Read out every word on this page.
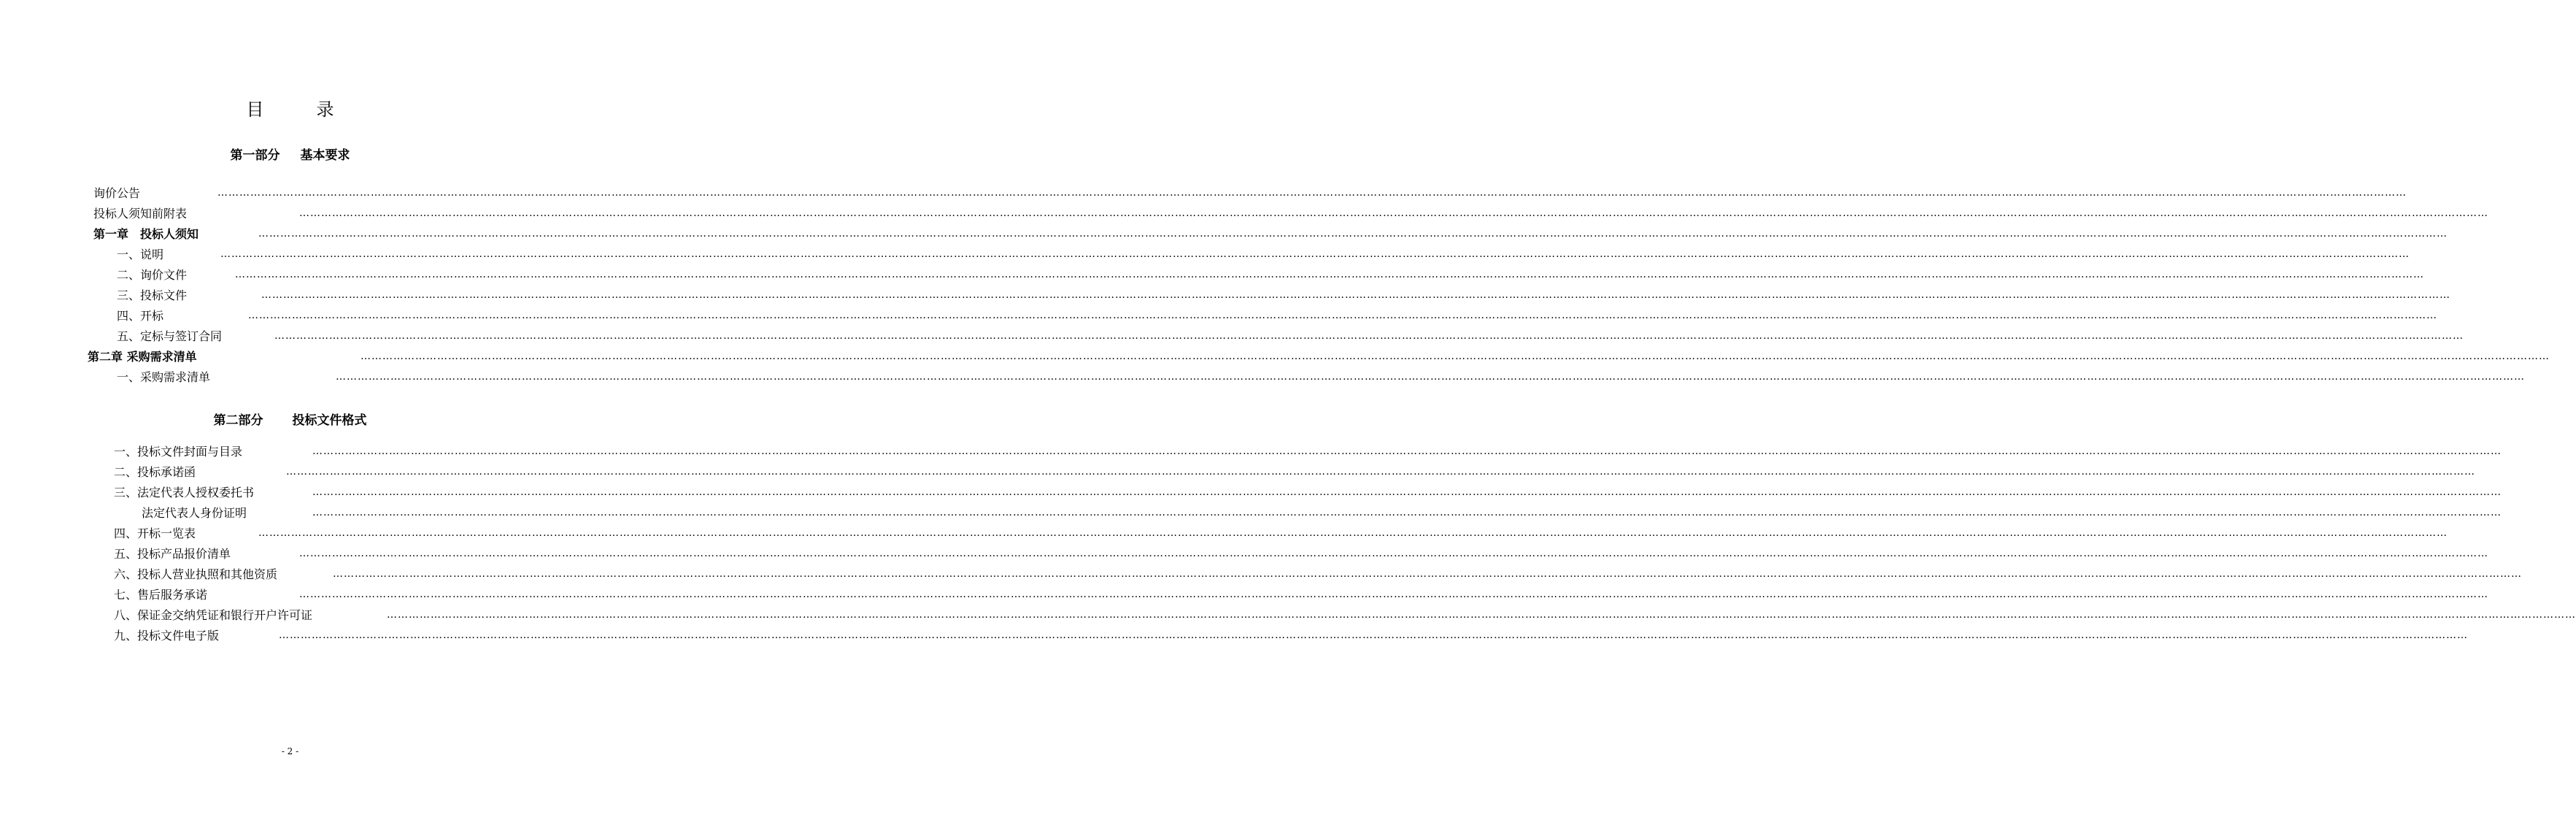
目	录
第一部分 基本要求
询价公告	……………………………………………………………………………………………………………………………………………………………………………………………………………………………………………………………………………………………………………………………………………………………………………………………………………………………………………………………………………………………………………………………………………………
投标人须知前附表	……………………………………………………………………………………………………………………………………………………………………………………………………………………………………………………………………………………………………………………………………………………………………………………………………………………………………………………………………………………………………………………………………………………
第一章　投标人须知	……………………………………………………………………………………………………………………………………………………………………………………………………………………………………………………………………………………………………………………………………………………………………………………………………………………………………………………………………………………………………………………………………………………
一、说明	……………………………………………………………………………………………………………………………………………………………………………………………………………………………………………………………………………………………………………………………………………………………………………………………………………………………………………………………………………………………………………………………………………………
二、询价文件	……………………………………………………………………………………………………………………………………………………………………………………………………………………………………………………………………………………………………………………………………………………………………………………………………………………………………………………………………………………………………………………………………………………
三、投标文件	……………………………………………………………………………………………………………………………………………………………………………………………………………………………………………………………………………………………………………………………………………………………………………………………………………………………………………………………………………………………………………………………………………………
四、开标	……………………………………………………………………………………………………………………………………………………………………………………………………………………………………………………………………………………………………………………………………………………………………………………………………………………………………………………………………………………………………………………………………………………
五、定标与签订合同	……………………………………………………………………………………………………………………………………………………………………………………………………………………………………………………………………………………………………………………………………………………………………………………………………………………………………………………………………………………………………………………………………………………
第二章 采购需求清单	……………………………………………………………………………………………………………………………………………………………………………………………………………………………………………………………………………………………………………………………………………………………………………………………………………………………………………………………………………………………………………………………………………………
一、采购需求清单	……………………………………………………………………………………………………………………………………………………………………………………………………………………………………………………………………………………………………………………………………………………………………………………………………………………………………………………………………………………………………………………………………………………
第二部分 投标文件格式
一、投标文件封面与目录	……………………………………………………………………………………………………………………………………………………………………………………………………………………………………………………………………………………………………………………………………………………………………………………………………………………………………………………………………………………………………………………………………………………
二、投标承诺函	……………………………………………………………………………………………………………………………………………………………………………………………………………………………………………………………………………………………………………………………………………………………………………………………………………………………………………………………………………………………………………………………………………………
三、法定代表人授权委托书	……………………………………………………………………………………………………………………………………………………………………………………………………………………………………………………………………………………………………………………………………………………………………………………………………………………………………………………………………………………………………………………………………………………
法定代表人身份证明	……………………………………………………………………………………………………………………………………………………………………………………………………………………………………………………………………………………………………………………………………………………………………………………………………………………………………………………………………………………………………………………………………………………
四、开标一览表	……………………………………………………………………………………………………………………………………………………………………………………………………………………………………………………………………………………………………………………………………………………………………………………………………………………………………………………………………………………………………………………………………………………
五、投标产品报价清单	……………………………………………………………………………………………………………………………………………………………………………………………………………………………………………………………………………………………………………………………………………………………………………………………………………………………………………………………………………………………………………………………………………………
六、投标人营业执照和其他资质	……………………………………………………………………………………………………………………………………………………………………………………………………………………………………………………………………………………………………………………………………………………………………………………………………………………………………………………………………………………………………………………………………………………
七、售后服务承诺	……………………………………………………………………………………………………………………………………………………………………………………………………………………………………………………………………………………………………………………………………………………………………………………………………………………………………………………………………………………………………………………………………………………
八、保证金交纳凭证和银行开户许可证	……………………………………………………………………………………………………………………………………………………………………………………………………………………………………………………………………………………………………………………………………………………………………………………………………………………………………………………………………………………………………………………………………………………
九、投标文件电子版	……………………………………………………………………………………………………………………………………………………………………………………………………………………………………………………………………………………………………………………………………………………………………………………………………………………………………………………………………………………………………………………………………………………
- 2 -
